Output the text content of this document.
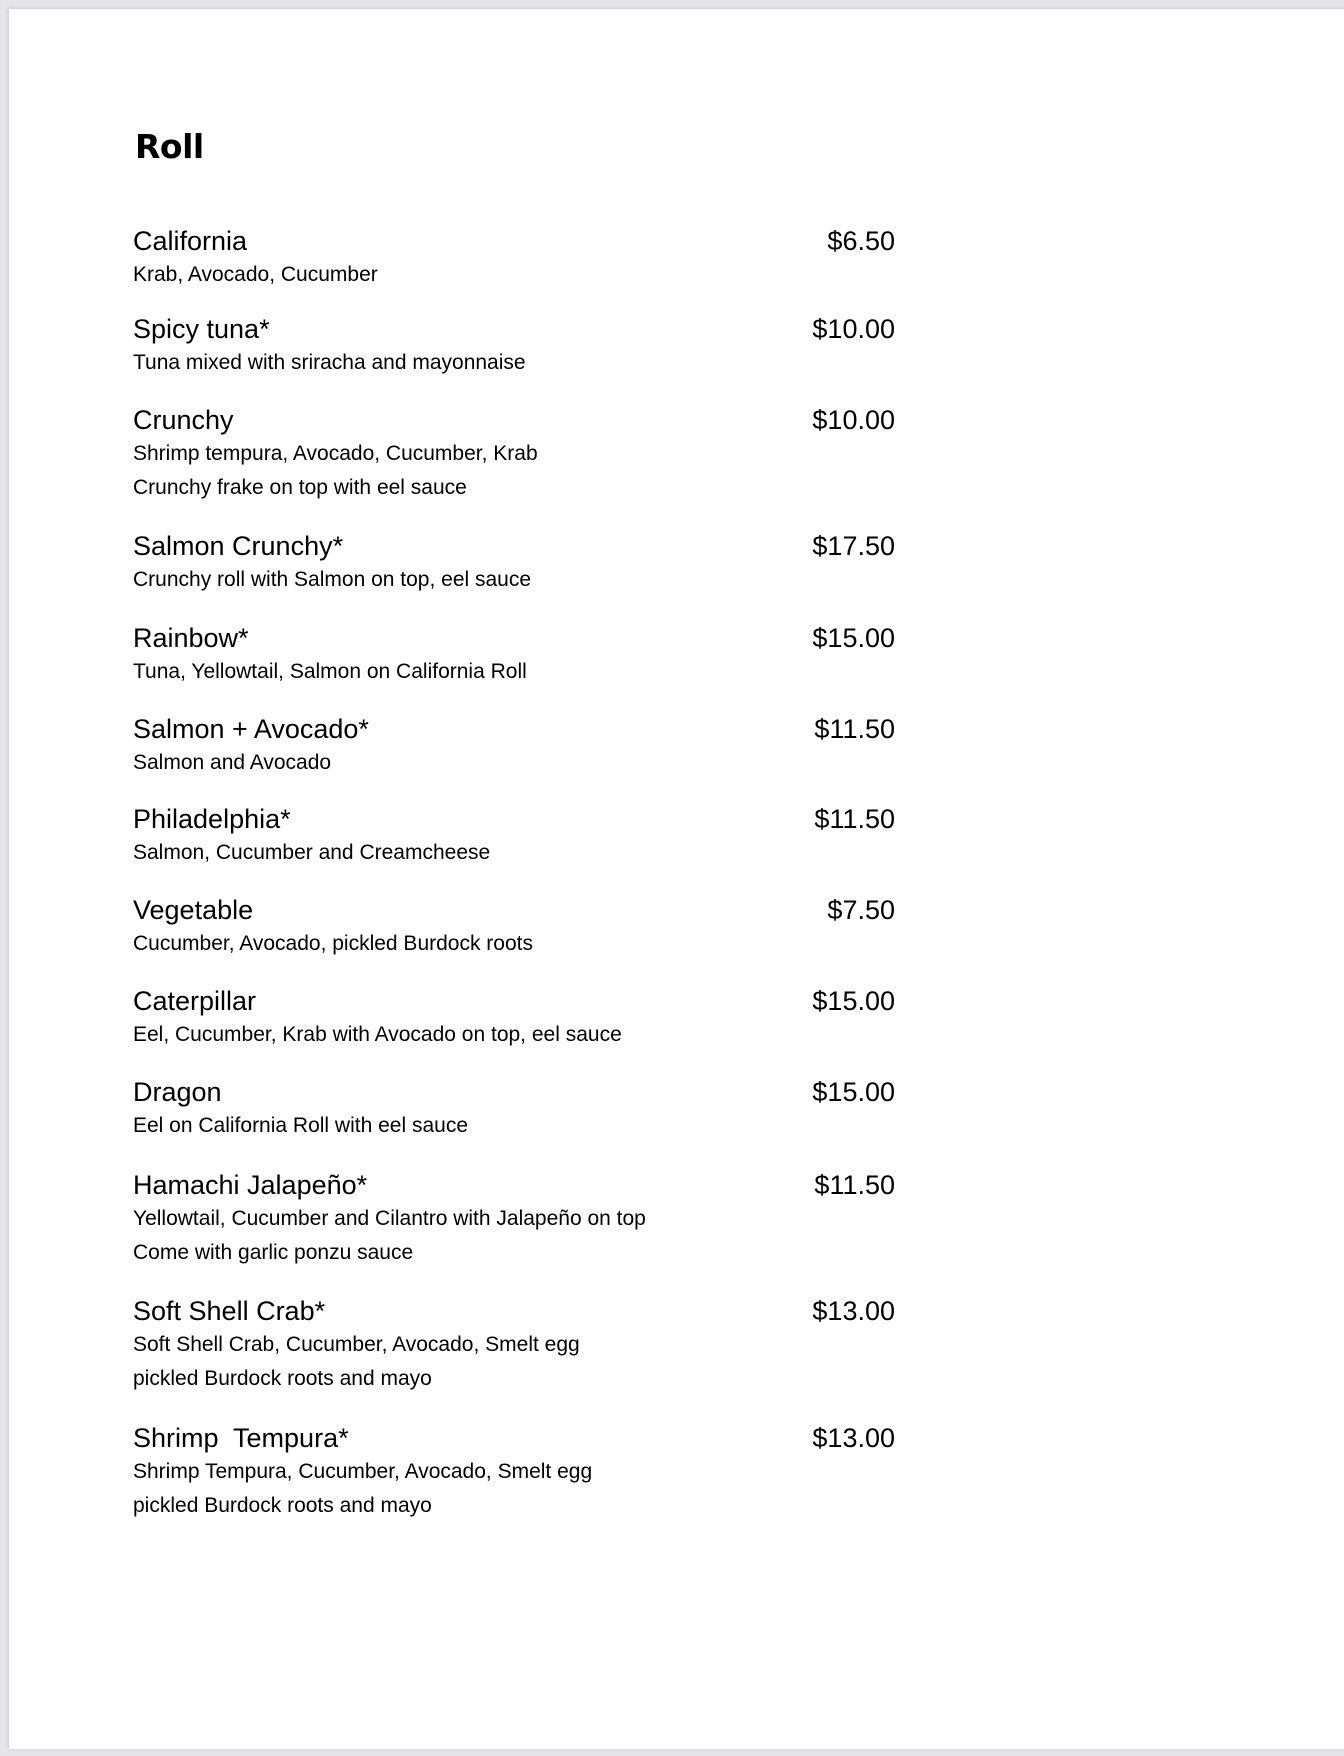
Roll
California
Krab, Avocado, Cucumber
$6.50
Spicy tuna*
Tuna mixed with sriracha and mayonnaise
$10.00
Crunchy
Shrimp tempura, Avocado, Cucumber, Krab
Crunchy frake on top with eel sauce
$10.00
Salmon Crunchy*
Crunchy roll with Salmon on top, eel sauce
$17.50
Rainbow*
Tuna, Yellowtail, Salmon on California Roll
$15.00
Salmon + Avocado*
Salmon and Avocado
$11.50
Philadelphia*
Salmon, Cucumber and Creamcheese
$11.50
Vegetable
Cucumber, Avocado, pickled Burdock roots
$7.50
Caterpillar
Eel, Cucumber, Krab with Avocado on top, eel sauce
$15.00
Dragon
Eel on California Roll with eel sauce
$15.00
Hamachi Jalapeño*
Yellowtail, Cucumber and Cilantro with Jalapeño on top
Come with garlic ponzu sauce
$11.50
Soft Shell Crab*
Soft Shell Crab, Cucumber, Avocado, Smelt egg
pickled Burdock roots and mayo
$13.00
Shrimp  Tempura*
Shrimp Tempura, Cucumber, Avocado, Smelt egg
pickled Burdock roots and mayo
$13.00
